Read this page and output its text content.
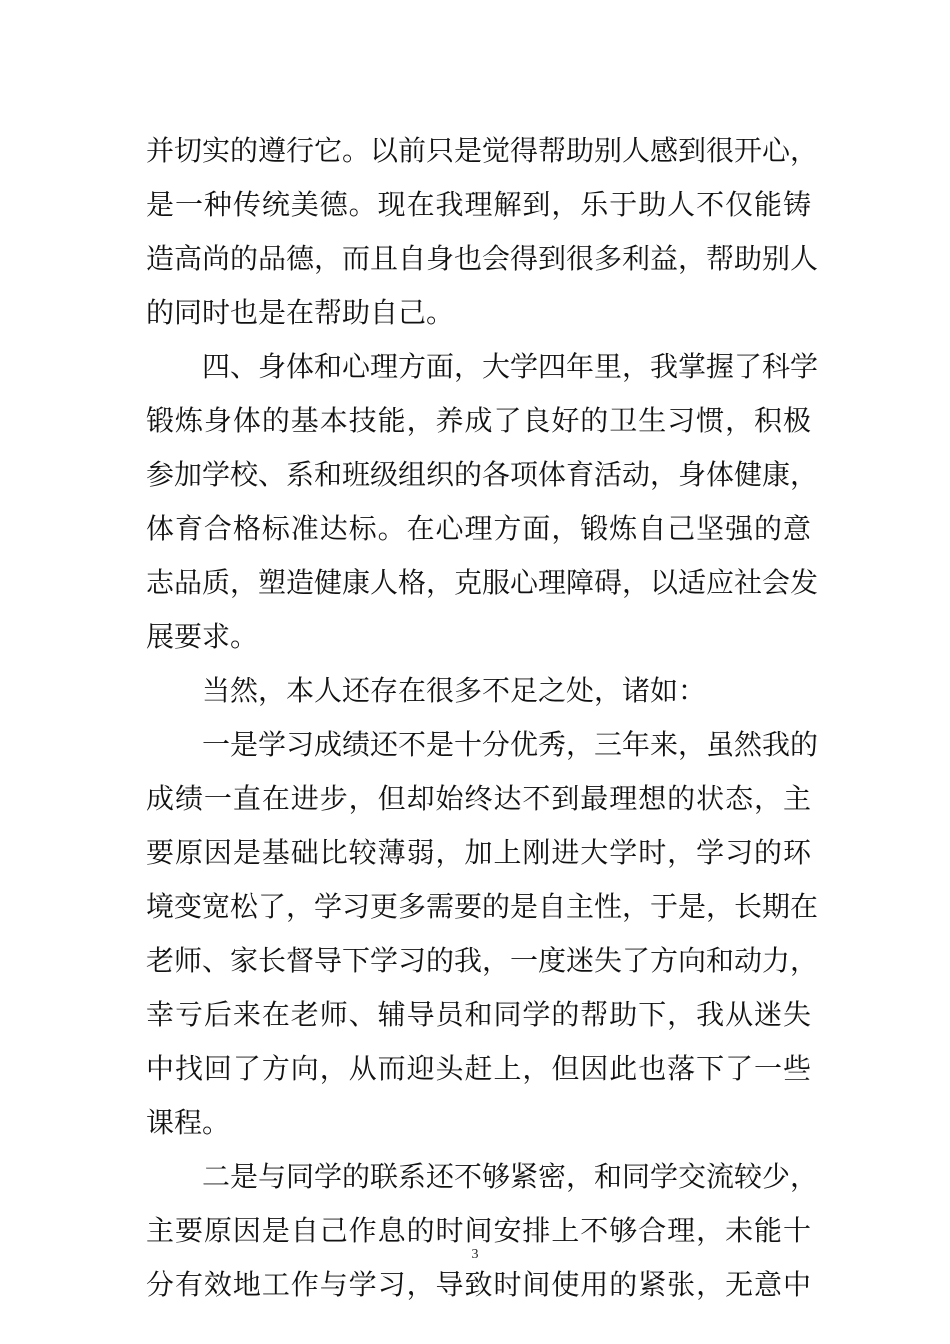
并切实的遵行它。以前只是觉得帮助别人感到很开心，
是一种传统美德。现在我理解到，乐于助人不仅能铸
造高尚的品德，而且自身也会得到很多利益，帮助别人
的同时也是在帮助自己。
四、身体和心理方面，大学四年里，我掌握了科学
锻炼身体的基本技能，养成了良好的卫生习惯，积极
参加学校、系和班级组织的各项体育活动，身体健康，
体育合格标准达标。在心理方面，锻炼自己坚强的意
志品质，塑造健康人格，克服心理障碍，以适应社会发
展要求。
当然，本人还存在很多不足之处，诸如：
一是学习成绩还不是十分优秀，三年来，虽然我的
成绩一直在进步，但却始终达不到最理想的状态，主
要原因是基础比较薄弱，加上刚进大学时，学习的环
境变宽松了，学习更多需要的是自主性，于是，长期在
老师、家长督导下学习的我，一度迷失了方向和动力，
幸亏后来在老师、辅导员和同学的帮助下，我从迷失
中找回了方向，从而迎头赶上，但因此也落下了一些
课程。
二是与同学的联系还不够紧密，和同学交流较少，
主要原因是自己作息的时间安排上不够合理，未能十
分有效地工作与学习，导致时间使用的紧张，无意中
3
